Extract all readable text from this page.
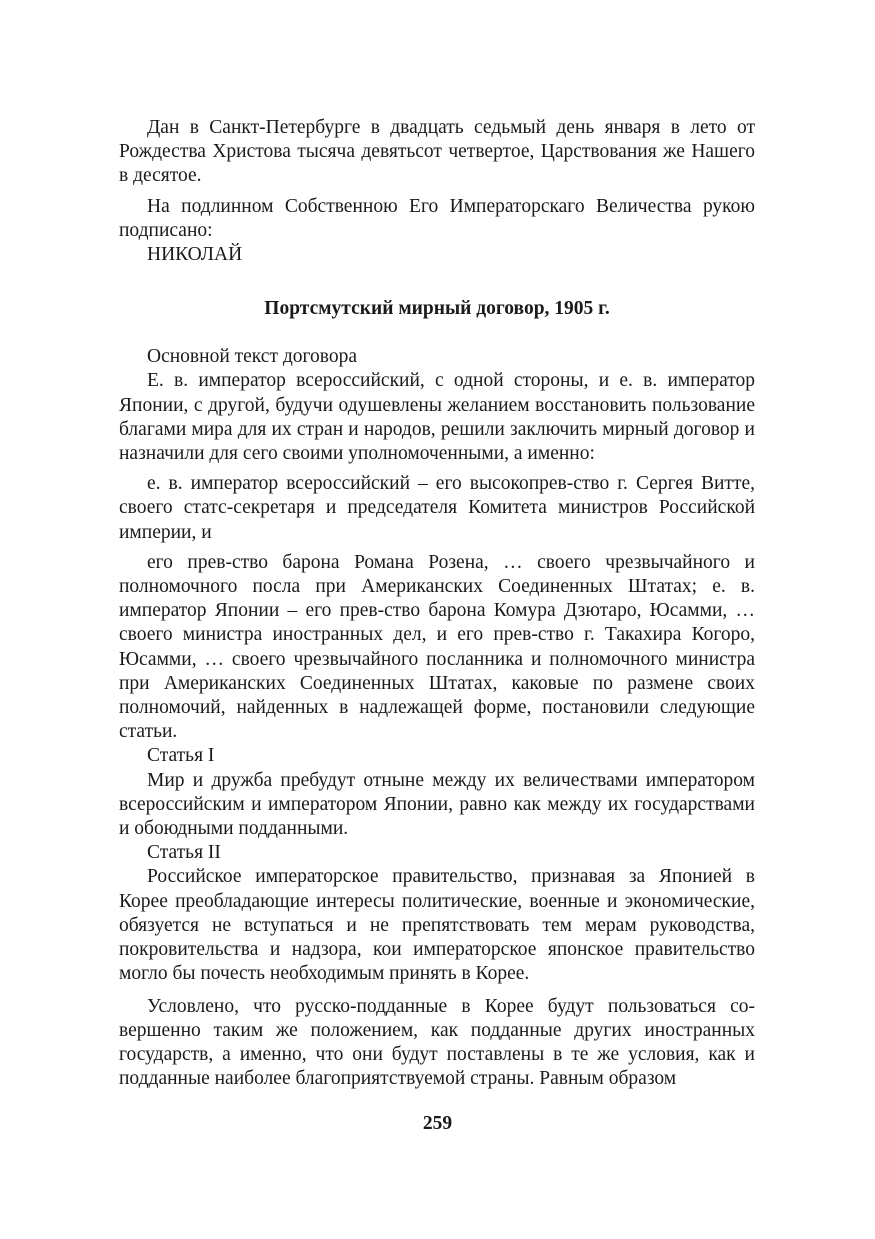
Дан в Санкт-Петербурге в двадцать седьмый день января в лето от Рождества Христова тысяча девятьсот четвертое, Царствования же Нашего в десятое.

На подлинном Собственною Его Императорскаго Величества рукою подписано:

НИКОЛАЙ

Портсмутский мирный договор, 1905 г.

Основной текст договора

Е. в. император всероссийский, с одной стороны, и е. в. император Японии, с другой, будучи одушевлены желанием восстановить пользование благами мира для их стран и народов, решили заключить мирный договор и назначили для сего своими уполномоченными, а именно:

е. в. император всероссийский – его высокопрев-ство г. Сергея Витте, своего статс-секретаря и председателя Комитета министров Российской империи, и

его прев-ство барона Романа Розена, … своего чрезвычайного и полномочного посла при Американских Соединенных Штатах; е. в. император Японии – его прев-ство барона Комура Дзютаро, Юсамми, … своего министра иностранных дел, и его прев-ство г. Такахира Когоро, Юсамми, … своего чрезвычайного посланника и полномочного министра при Американских Соединенных Штатах, каковые по размене своих полномочий, найденных в надлежащей форме, постановили следующие статьи.

Статья I

Мир и дружба пребудут отныне между их величествами императором всероссийским и императором Японии, равно как между их государствами и обоюдными подданными.

Статья II

Российское императорское правительство, признавая за Японией в Корее преобладающие интересы политические, военные и экономические, обязуется не вступаться и не препятствовать тем мерам руководства, покровительства и надзора, кои императорское японское правительство могло бы почесть необходимым принять в Корее.

Условлено, что русско-подданные в Корее будут пользоваться совершенно таким же положением, как подданные других иностранных государств, а именно, что они будут поставлены в те же условия, как и подданные наиболее благоприятствуемой страны. Равным образом

259
